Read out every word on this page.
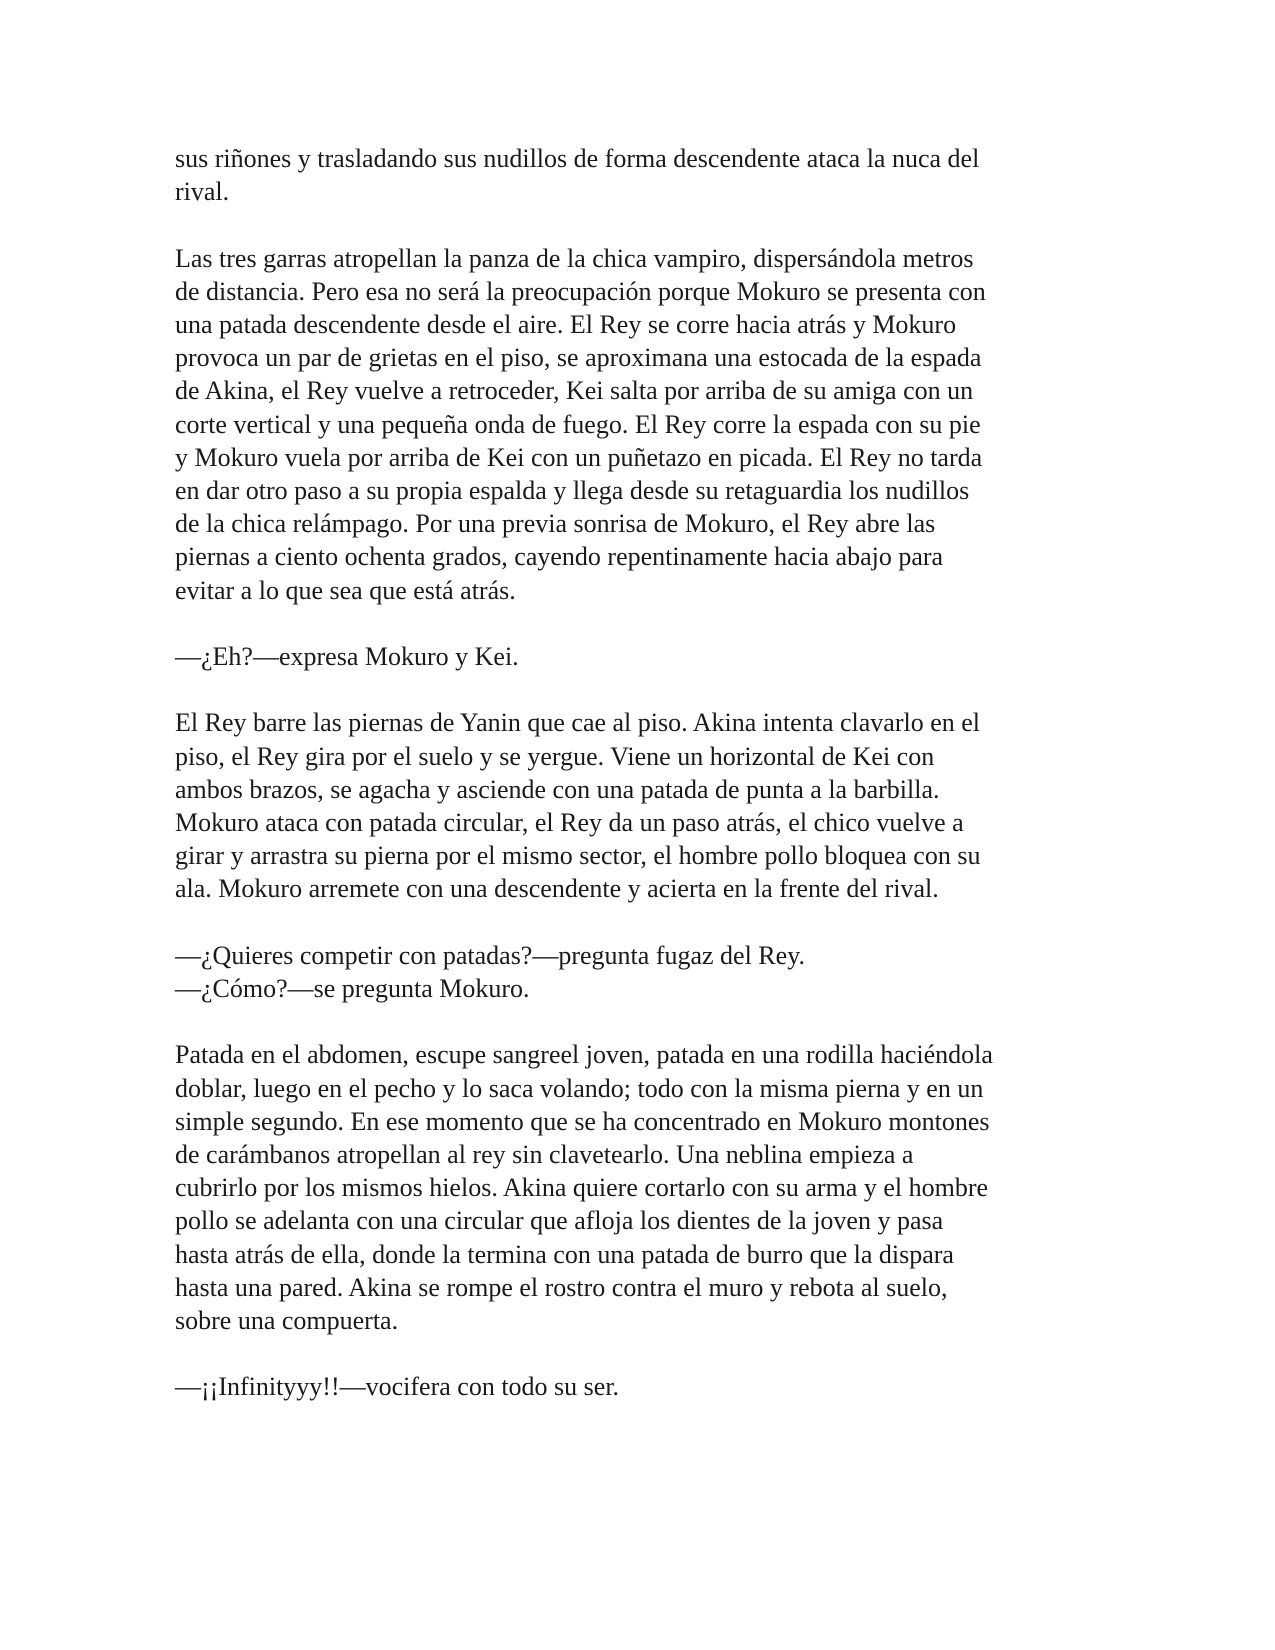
sus riñones y trasladando sus nudillos de forma descendente ataca la nuca del
rival.

Las tres garras atropellan la panza de la chica vampiro, dispersándola metros
de distancia. Pero esa no será la preocupación porque Mokuro se presenta con
una patada descendente desde el aire. El Rey se corre hacia atrás y Mokuro
provoca un par de grietas en el piso, se aproximana una estocada de la espada
de Akina, el Rey vuelve a retroceder, Kei salta por arriba de su amiga con un
corte vertical y una pequeña onda de fuego. El Rey corre la espada con su pie
y Mokuro vuela por arriba de Kei con un puñetazo en picada. El Rey no tarda
en dar otro paso a su propia espalda y llega desde su retaguardia los nudillos
de la chica relámpago. Por una previa sonrisa de Mokuro, el Rey abre las
piernas a ciento ochenta grados, cayendo repentinamente hacia abajo para
evitar a lo que sea que está atrás.

—¿Eh?—expresa Mokuro y Kei.

El Rey barre las piernas de Yanin que cae al piso. Akina intenta clavarlo en el
piso, el Rey gira por el suelo y se yergue. Viene un horizontal de Kei con
ambos brazos, se agacha y asciende con una patada de punta a la barbilla.
Mokuro ataca con patada circular, el Rey da un paso atrás, el chico vuelve a
girar y arrastra su pierna por el mismo sector, el hombre pollo bloquea con su
ala. Mokuro arremete con una descendente y acierta en la frente del rival.

—¿Quieres competir con patadas?—pregunta fugaz del Rey.

—¿Cómo?—se pregunta Mokuro.

Patada en el abdomen, escupe sangreel joven, patada en una rodilla haciéndola
doblar, luego en el pecho y lo saca volando; todo con la misma pierna y en un
simple segundo. En ese momento que se ha concentrado en Mokuro montones
de carámbanos atropellan al rey sin clavetearlo. Una neblina empieza a
cubrirlo por los mismos hielos. Akina quiere cortarlo con su arma y el hombre
pollo se adelanta con una circular que afloja los dientes de la joven y pasa
hasta atrás de ella, donde la termina con una patada de burro que la dispara
hasta una pared. Akina se rompe el rostro contra el muro y rebota al suelo,
sobre una compuerta.

—¡¡Infinityyy!!—vocifera con todo su ser.
